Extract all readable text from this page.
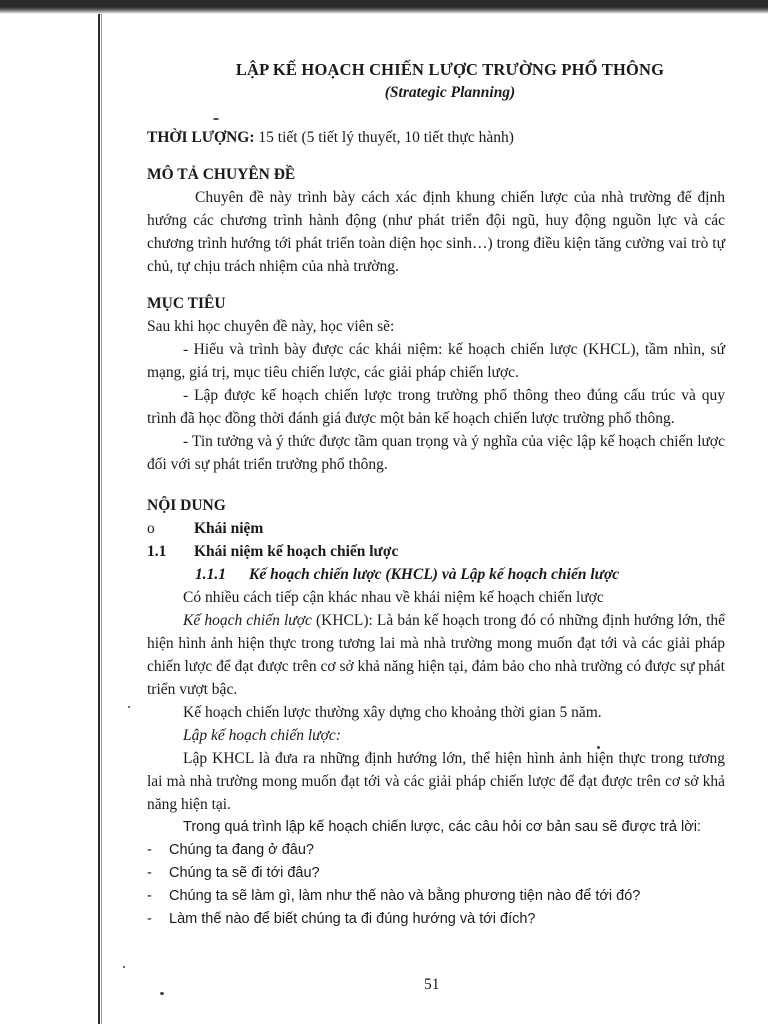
LẬP KẾ HOẠCH CHIẾN LƯỢC TRƯỜNG PHỔ THÔNG
(Strategic Planning)
THỜI LƯỢNG: 15 tiết (5 tiết lý thuyết, 10 tiết thực hành)
MÔ TẢ CHUYÊN ĐỀ

Chuyên đề này trình bày cách xác định khung chiến lược của nhà trường để định hướng các chương trình hành động (như phát triển đội ngũ, huy động nguồn lực và các chương trình hướng tới phát triển toàn diện học sinh…) trong điều kiện tăng cường vai trò tự chủ, tự chịu trách nhiệm của nhà trường.

MỤC TIÊU

Sau khi học chuyên đề này, học viên sẽ:

- Hiểu và trình bày được các khái niệm: kế hoạch chiến lược (KHCL), tầm nhìn, sứ mạng, giá trị, mục tiêu chiến lược, các giải pháp chiến lược.

- Lập được kế hoạch chiến lược trong trường phổ thông theo đúng cấu trúc và quy trình đã học đồng thời đánh giá được một bản kế hoạch chiến lược trường phổ thông.

- Tin tưởng và ý thức được tầm quan trọng và ý nghĩa của việc lập kế hoạch chiến lược đối với sự phát triển trường phổ thông.

NỘI DUNG
o	Khái niệm
1.1	Khái niệm kế hoạch chiến lược
1.1.1	Kế hoạch chiến lược (KHCL) và Lập kế hoạch chiến lược

Có nhiều cách tiếp cận khác nhau về khái niệm kế hoạch chiến lược

Kế hoạch chiến lược (KHCL): Là bản kế hoạch trong đó có những định hướng lớn, thể hiện hình ảnh hiện thực trong tương lai mà nhà trường mong muốn đạt tới và các giải pháp chiến lược để đạt được trên cơ sở khả năng hiện tại, đảm bảo cho nhà trường có được sự phát triển vượt bậc.

Kế hoạch chiến lược thường xây dựng cho khoảng thời gian 5 năm.

Lập kế hoạch chiến lược:

Lập KHCL là đưa ra những định hướng lớn, thể hiện hình ảnh hiện thực trong tương lai mà nhà trường mong muốn đạt tới và các giải pháp chiến lược để đạt được trên cơ sở khả năng hiện tại.

Trong quá trình lập kế hoạch chiến lược, các câu hỏi cơ bản sau sẽ được trả lời:

-	Chúng ta đang ở đâu?
-	Chúng ta sẽ đi tới đâu?
-	Chúng ta sẽ làm gì, làm như thế nào và bằng phương tiện nào để tới đó?
-	Làm thế nào để biết chúng ta đi đúng hướng và tới đích?
51
